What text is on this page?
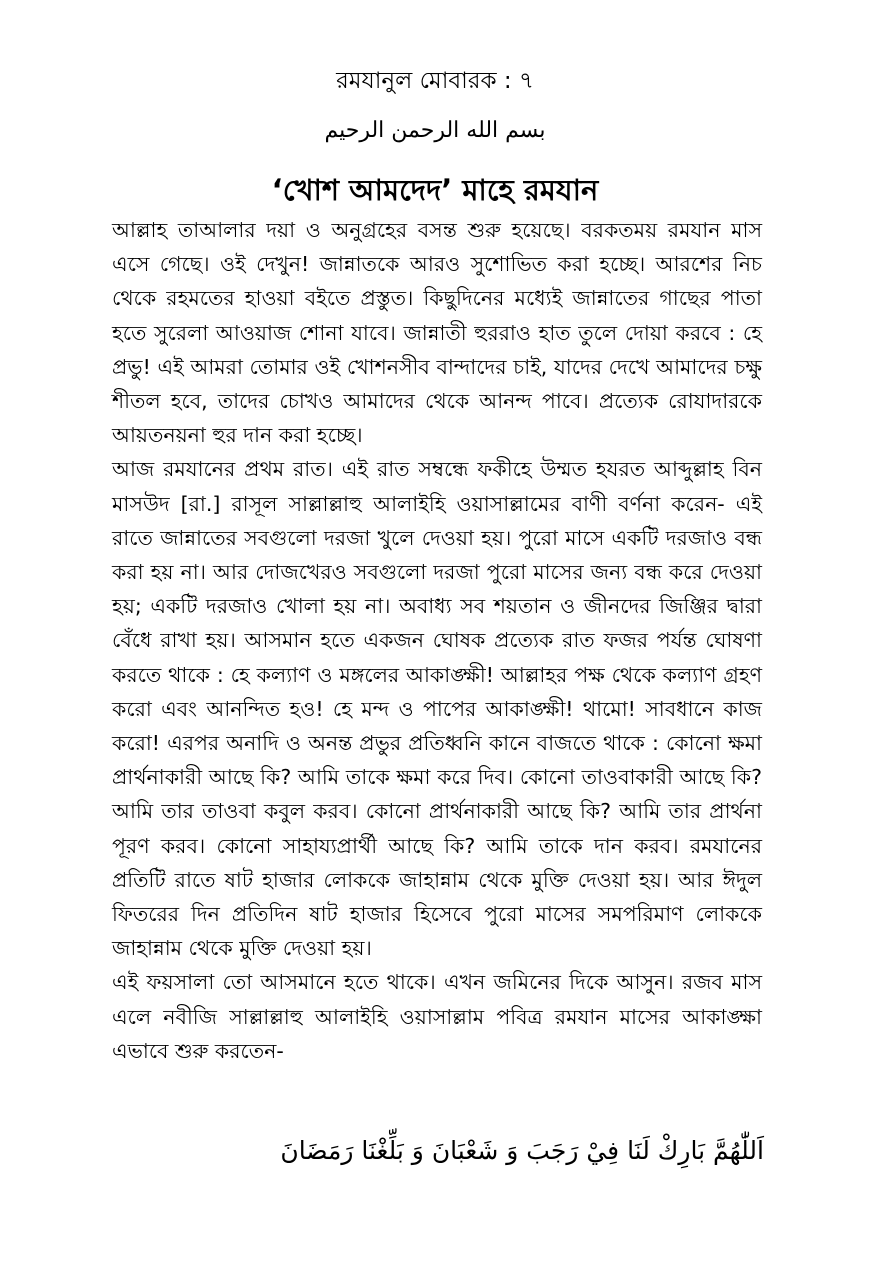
রমযানুল মোবারক : ৭
بسم الله الرحمن الرحيم
‘খোশ আমদেদ’ মাহে রমযান

আল্লাহ তাআলার দয়া ও অনুগ্রহের বসন্ত শুরু হয়েছে। বরকতময় রমযান মাস এসে গেছে। ওই দেখুন! জান্নাতকে আরও সুশোভিত করা হচ্ছে। আরশের নিচ থেকে রহমতের হাওয়া বইতে প্রস্তুত। কিছুদিনের মধ্যেই জান্নাতের গাছের পাতা হতে সুরেলা আওয়াজ শোনা যাবে। জান্নাতী হুররাও হাত তুলে দোয়া করবে : হে প্রভু! এই আমরা তোমার ওই খোশনসীব বান্দাদের চাই, যাদের দেখে আমাদের চক্ষু শীতল হবে, তাদের চোখও আমাদের থেকে আনন্দ পাবে। প্রত্যেক রোযাদারকে আয়তনয়না হুর দান করা হচ্ছে।

আজ রমযানের প্রথম রাত। এই রাত সম্বন্ধে ফকীহে উম্মত হযরত আব্দুল্লাহ বিন মাসউদ [রা.] রাসূল সাল্লাল্লাহু আলাইহি ওয়াসাল্লামের বাণী বর্ণনা করেন- এই রাতে জান্নাতের সবগুলো দরজা খুলে দেওয়া হয়। পুরো মাসে একটি দরজাও বন্ধ করা হয় না। আর দোজখেরও সবগুলো দরজা পুরো মাসের জন্য বন্ধ করে দেওয়া হয়; একটি দরজাও খোলা হয় না। অবাধ্য সব শয়তান ও জীনদের জিঞ্জির দ্বারা বেঁধে রাখা হয়। আসমান হতে একজন ঘোষক প্রত্যেক রাত ফজর পর্যন্ত ঘোষণা করতে থাকে : হে কল্যাণ ও মঙ্গলের আকাঙ্ক্ষী! আল্লাহর পক্ষ থেকে কল্যাণ গ্রহণ করো এবং আনন্দিত হও! হে মন্দ ও পাপের আকাঙ্ক্ষী! থামো! সাবধানে কাজ করো! এরপর অনাদি ও অনন্ত প্রভুর প্রতিধ্বনি কানে বাজতে থাকে : কোনো ক্ষমা প্রার্থনাকারী আছে কি? আমি তাকে ক্ষমা করে দিব। কোনো তাওবাকারী আছে কি? আমি তার তাওবা কবুল করব। কোনো প্রার্থনাকারী আছে কি? আমি তার প্রার্থনা পূরণ করব। কোনো সাহায্যপ্রার্থী আছে কি? আমি তাকে দান করব। রমযানের প্রতিটি রাতে ষাট হাজার লোককে জাহান্নাম থেকে মুক্তি দেওয়া হয়। আর ঈদুল ফিতরের দিন প্রতিদিন ষাট হাজার হিসেবে পুরো মাসের সমপরিমাণ লোককে জাহান্নাম থেকে মুক্তি দেওয়া হয়।

এই ফয়সালা তো আসমানে হতে থাকে। এখন জমিনের দিকে আসুন। রজব মাস এলে নবীজি সাল্লাল্লাহু আলাইহি ওয়াসাল্লাম পবিত্র রমযান মাসের আকাঙ্ক্ষা এভাবে শুরু করতেন-

اَللّٰهُمَّ بَارِكْ لَنَا فِيْ رَجَبَ وَ شَعْبَانَ وَ بَلِّغْنَا رَمَضَانَ
